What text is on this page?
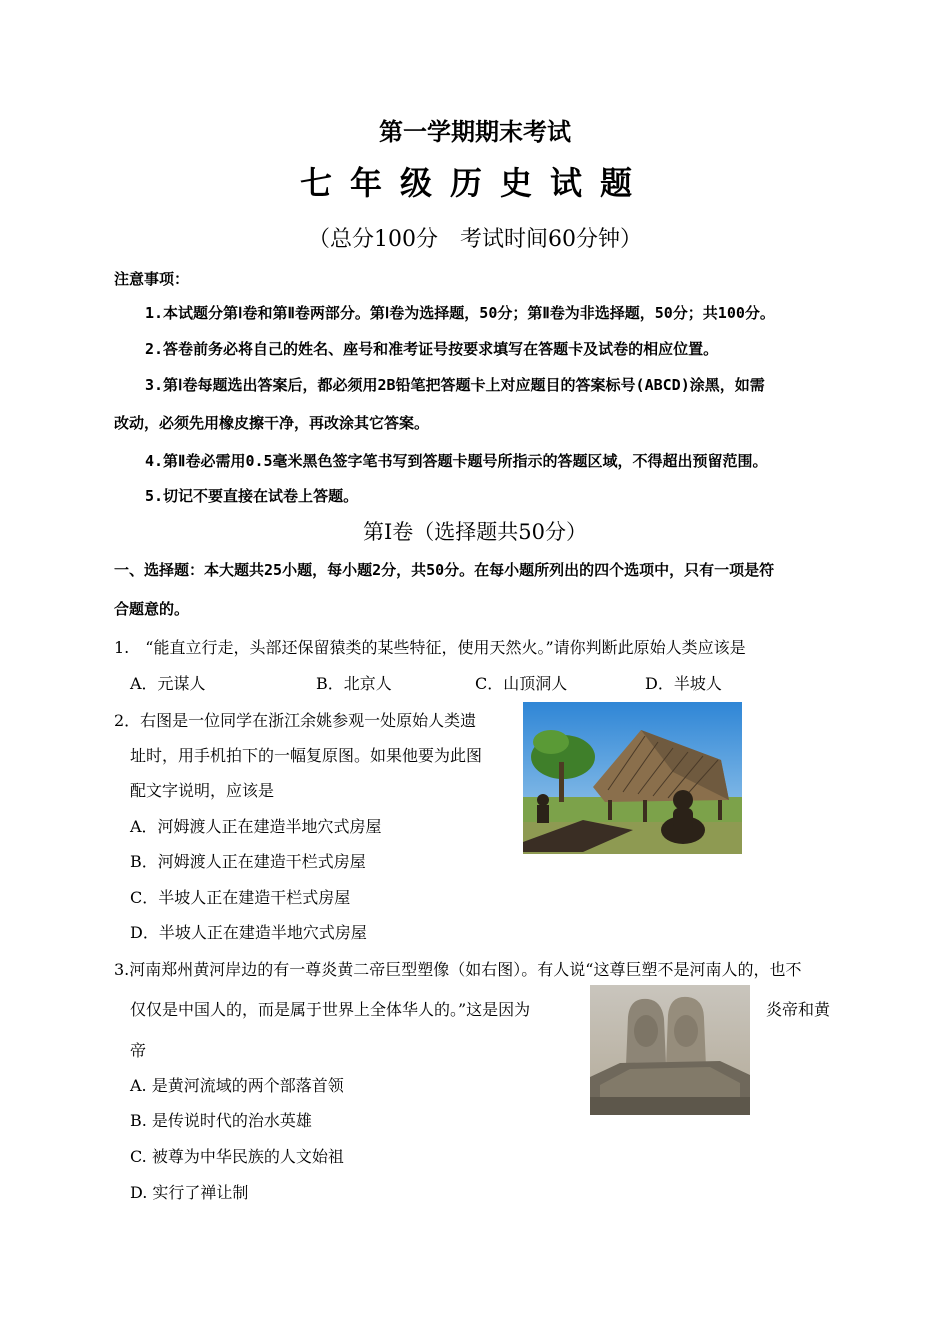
第一学期期末考试
七年级历史试题
（总分100分　考试时间60分钟）
注意事项：
1.本试题分第Ⅰ卷和第Ⅱ卷两部分。第Ⅰ卷为选择题，50分；第Ⅱ卷为非选择题，50分；共100分。
2.答卷前务必将自己的姓名、座号和准考证号按要求填写在答题卡及试卷的相应位置。
3.第Ⅰ卷每题选出答案后，都必须用2B铅笔把答题卡上对应题目的答案标号(ABCD)涂黑，如需
改动，必须先用橡皮擦干净，再改涂其它答案。
4.第Ⅱ卷必需用0.5毫米黑色签字笔书写到答题卡题号所指示的答题区域，不得超出预留范围。
5.切记不要直接在试卷上答题。
第Ⅰ卷（选择题共50分）
一、选择题：本大题共25小题，每小题2分，共50分。在每小题所列出的四个选项中，只有一项是符
合题意的。
1.　“能直立行走，头部还保留猿类的某些特征，使用天然火。”请你判断此原始人类应该是
A．元谋人	B．北京人	C．山顶洞人	D．半坡人
2．右图是一位同学在浙江余姚参观一处原始人类遗
址时，用手机拍下的一幅复原图。如果他要为此图
配文字说明，应该是
A．河姆渡人正在建造半地穴式房屋
B．河姆渡人正在建造干栏式房屋
C．半坡人正在建造干栏式房屋
D．半坡人正在建造半地穴式房屋
3.河南郑州黄河岸边的有一尊炎黄二帝巨型塑像（如右图）。有人说“这尊巨塑不是河南人的，也不
仅仅是中国人的，而是属于世界上全体华人的。”这是因为	炎帝和黄
帝
A. 是黄河流域的两个部落首领
B. 是传说时代的治水英雄
C. 被尊为中华民族的人文始祖
D. 实行了禅让制
